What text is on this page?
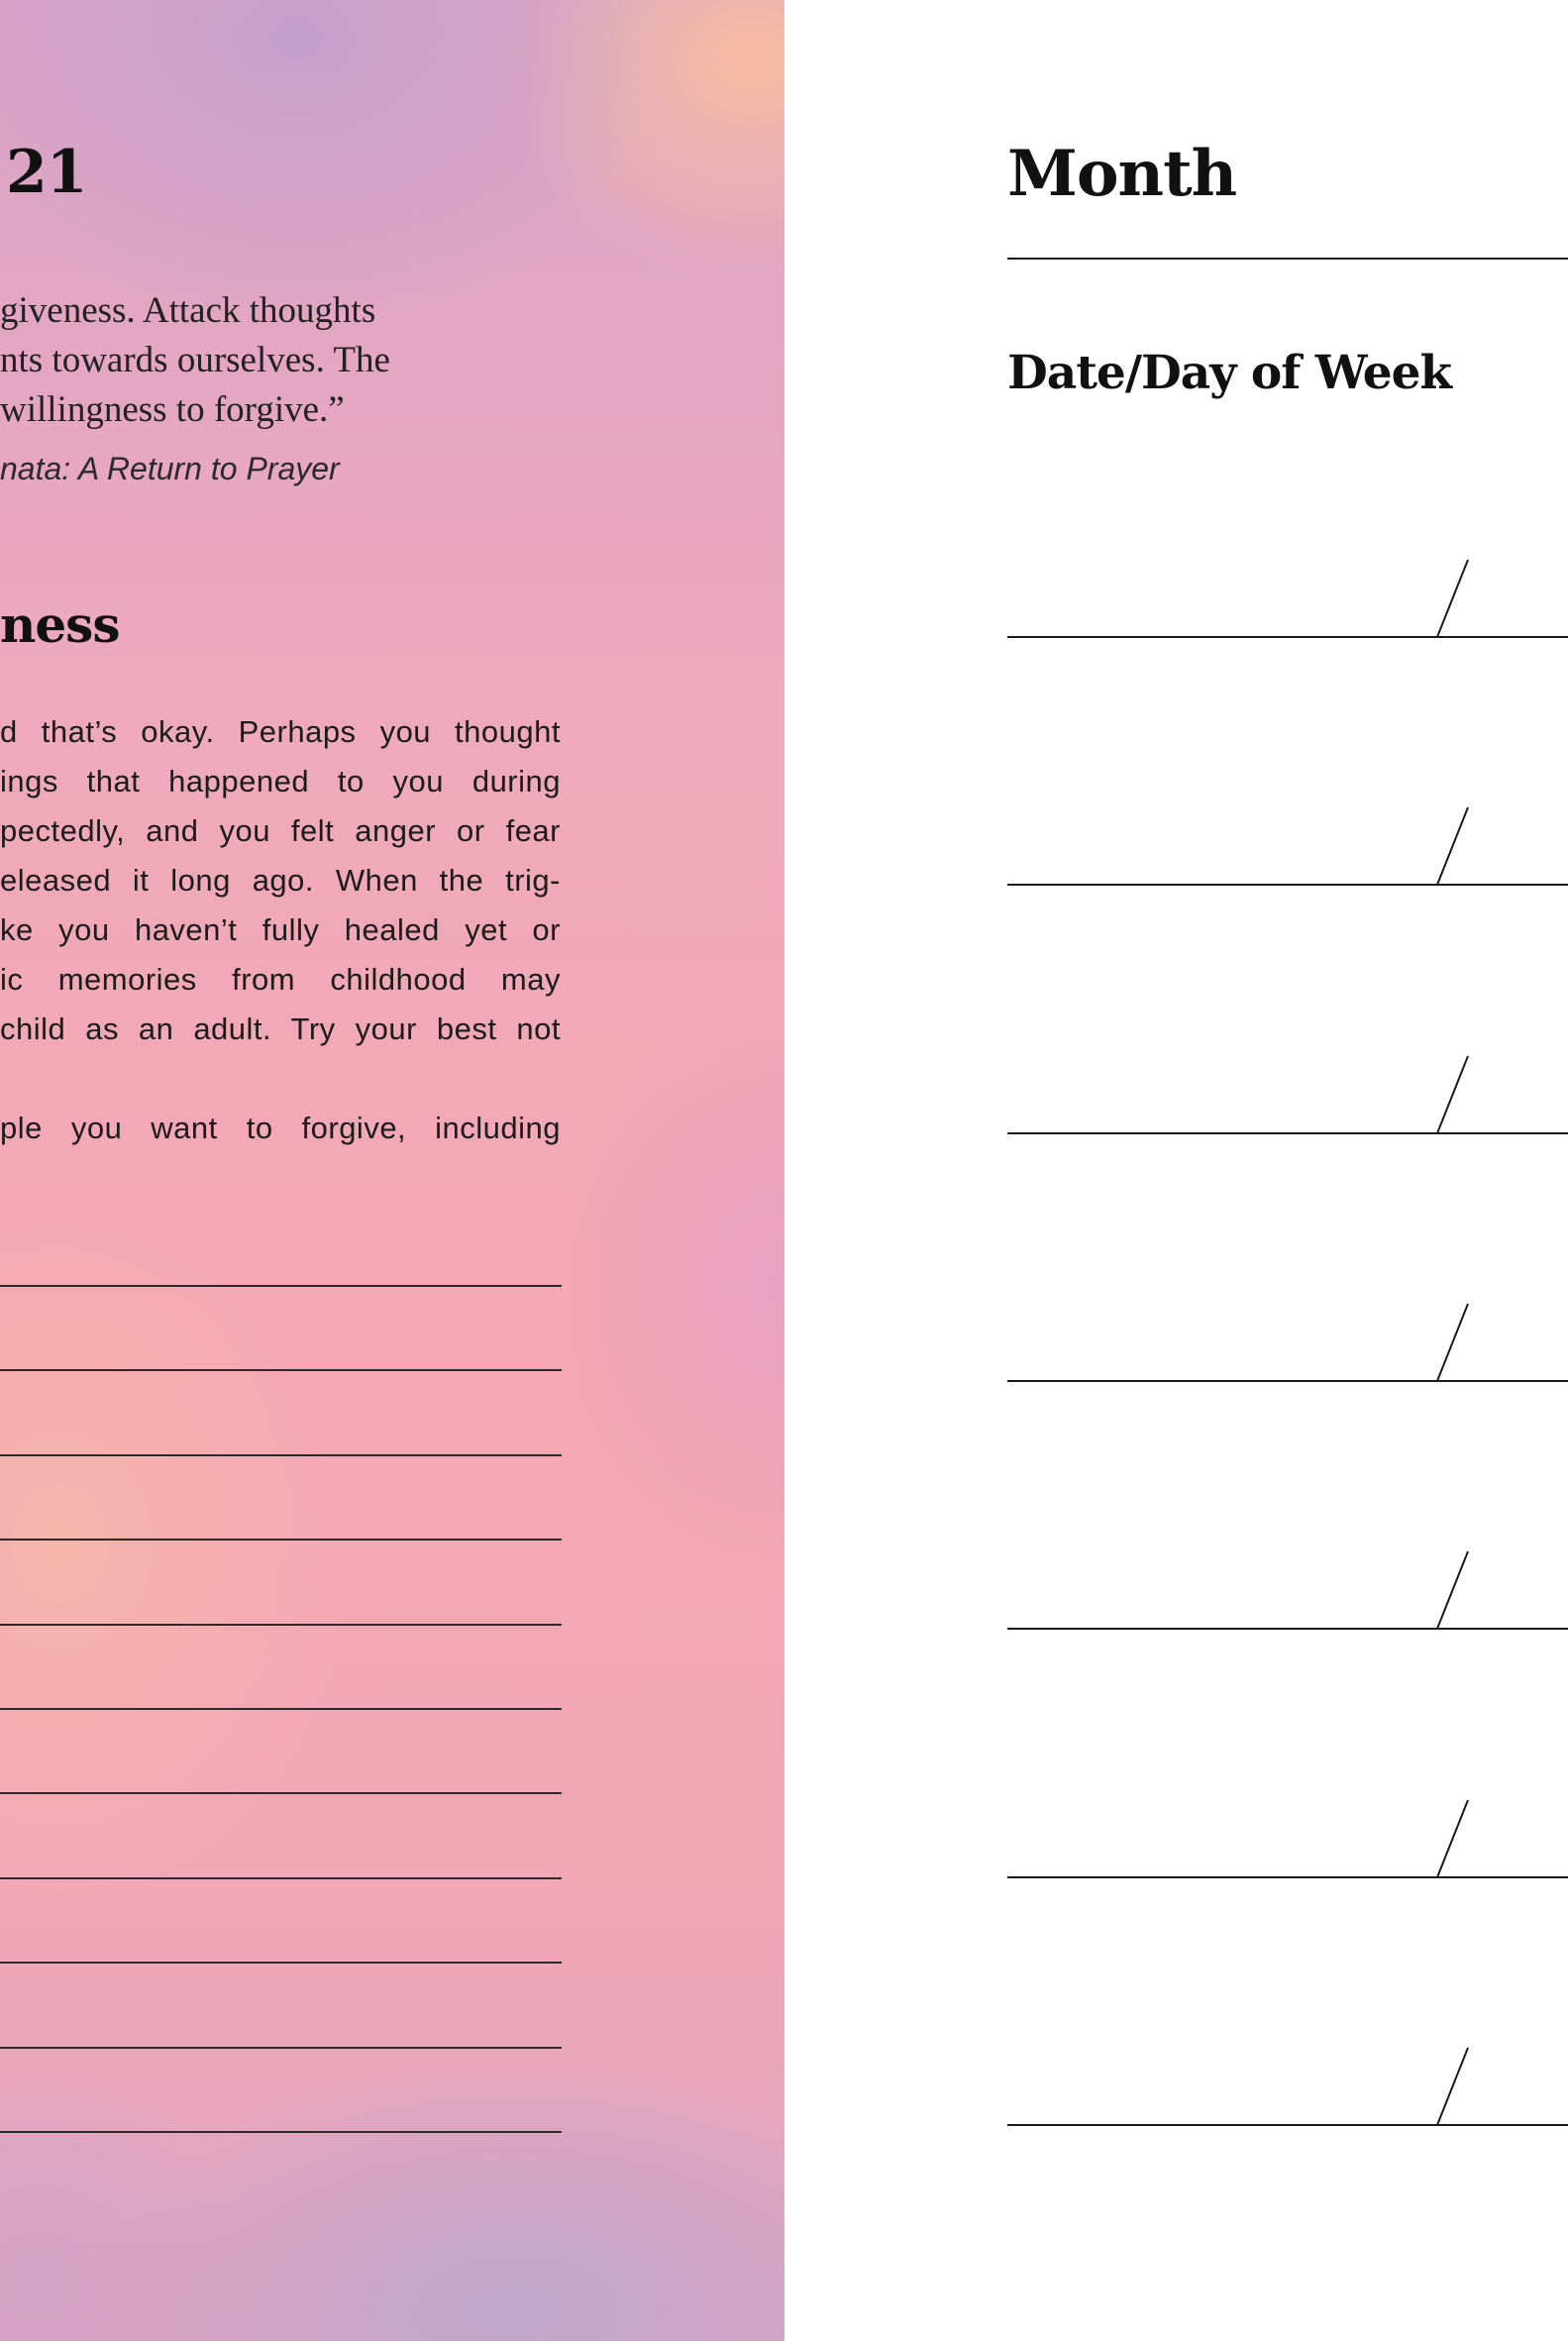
21
giveness. Attack thoughts
nts towards ourselves. The
willingness to forgive.”
nata: A Return to Prayer
ness
d that’s okay. Perhaps you thought
ings that happened to you during
pectedly, and you felt anger or fear
eleased it long ago. When the trig-
ke you haven’t fully healed yet or
ic memories from childhood may
child as an adult. Try your best not
ple you want to forgive, including
Month
Date/Day of Week
